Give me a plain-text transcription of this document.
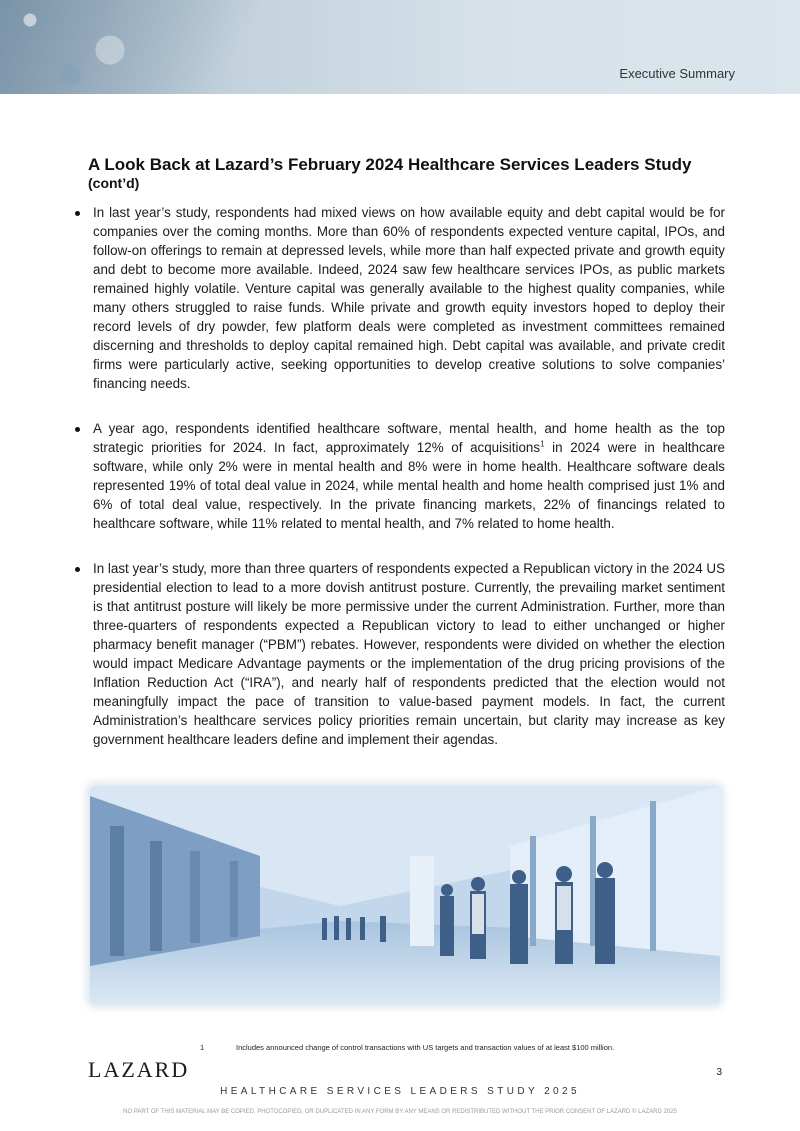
Executive Summary
A Look Back at Lazard’s February 2024 Healthcare Services Leaders Study
(cont’d)
In last year’s study, respondents had mixed views on how available equity and debt capital would be for companies over the coming months. More than 60% of respondents expected venture capital, IPOs, and follow-on offerings to remain at depressed levels, while more than half expected private and growth equity and debt to become more available. Indeed, 2024 saw few healthcare services IPOs, as public markets remained highly volatile. Venture capital was generally available to the highest quality companies, while many others struggled to raise funds. While private and growth equity investors hoped to deploy their record levels of dry powder, few platform deals were completed as investment committees remained discerning and thresholds to deploy capital remained high. Debt capital was available, and private credit firms were particularly active, seeking opportunities to develop creative solutions to solve companies’ financing needs.
A year ago, respondents identified healthcare software, mental health, and home health as the top strategic priorities for 2024. In fact, approximately 12% of acquisitions$^1$ in 2024 were in healthcare software, while only 2% were in mental health and 8% were in home health. Healthcare software deals represented 19% of total deal value in 2024, while mental health and home health comprised just 1% and 6% of total deal value, respectively. In the private financing markets, 22% of financings related to healthcare software, while 11% related to mental health, and 7% related to home health.
In last year’s study, more than three quarters of respondents expected a Republican victory in the 2024 US presidential election to lead to a more dovish antitrust posture. Currently, the prevailing market sentiment is that antitrust posture will likely be more permissive under the current Administration. Further, more than three-quarters of respondents expected a Republican victory to lead to either unchanged or higher pharmacy benefit manager (“PBM”) rebates. However, respondents were divided on whether the election would impact Medicare Advantage payments or the implementation of the drug pricing provisions of the Inflation Reduction Act (“IRA”), and nearly half of respondents predicted that the election would not meaningfully impact the pace of transition to value-based payment models. In fact, the current Administration’s healthcare services policy priorities remain uncertain, but clarity may increase as key government healthcare leaders define and implement their agendas.
1	Includes announced change of control transactions with US targets and transaction values of at least $100 million.
LAZARD	3
HEALTHCARE SERVICES LEADERS STUDY 2025
NO PART OF THIS MATERIAL MAY BE COPIED, PHOTOCOPIED, OR DUPLICATED IN ANY FORM BY ANY MEANS OR REDISTRIBUTED WITHOUT THE PRIOR CONSENT OF LAZARD © LAZARD 2025
